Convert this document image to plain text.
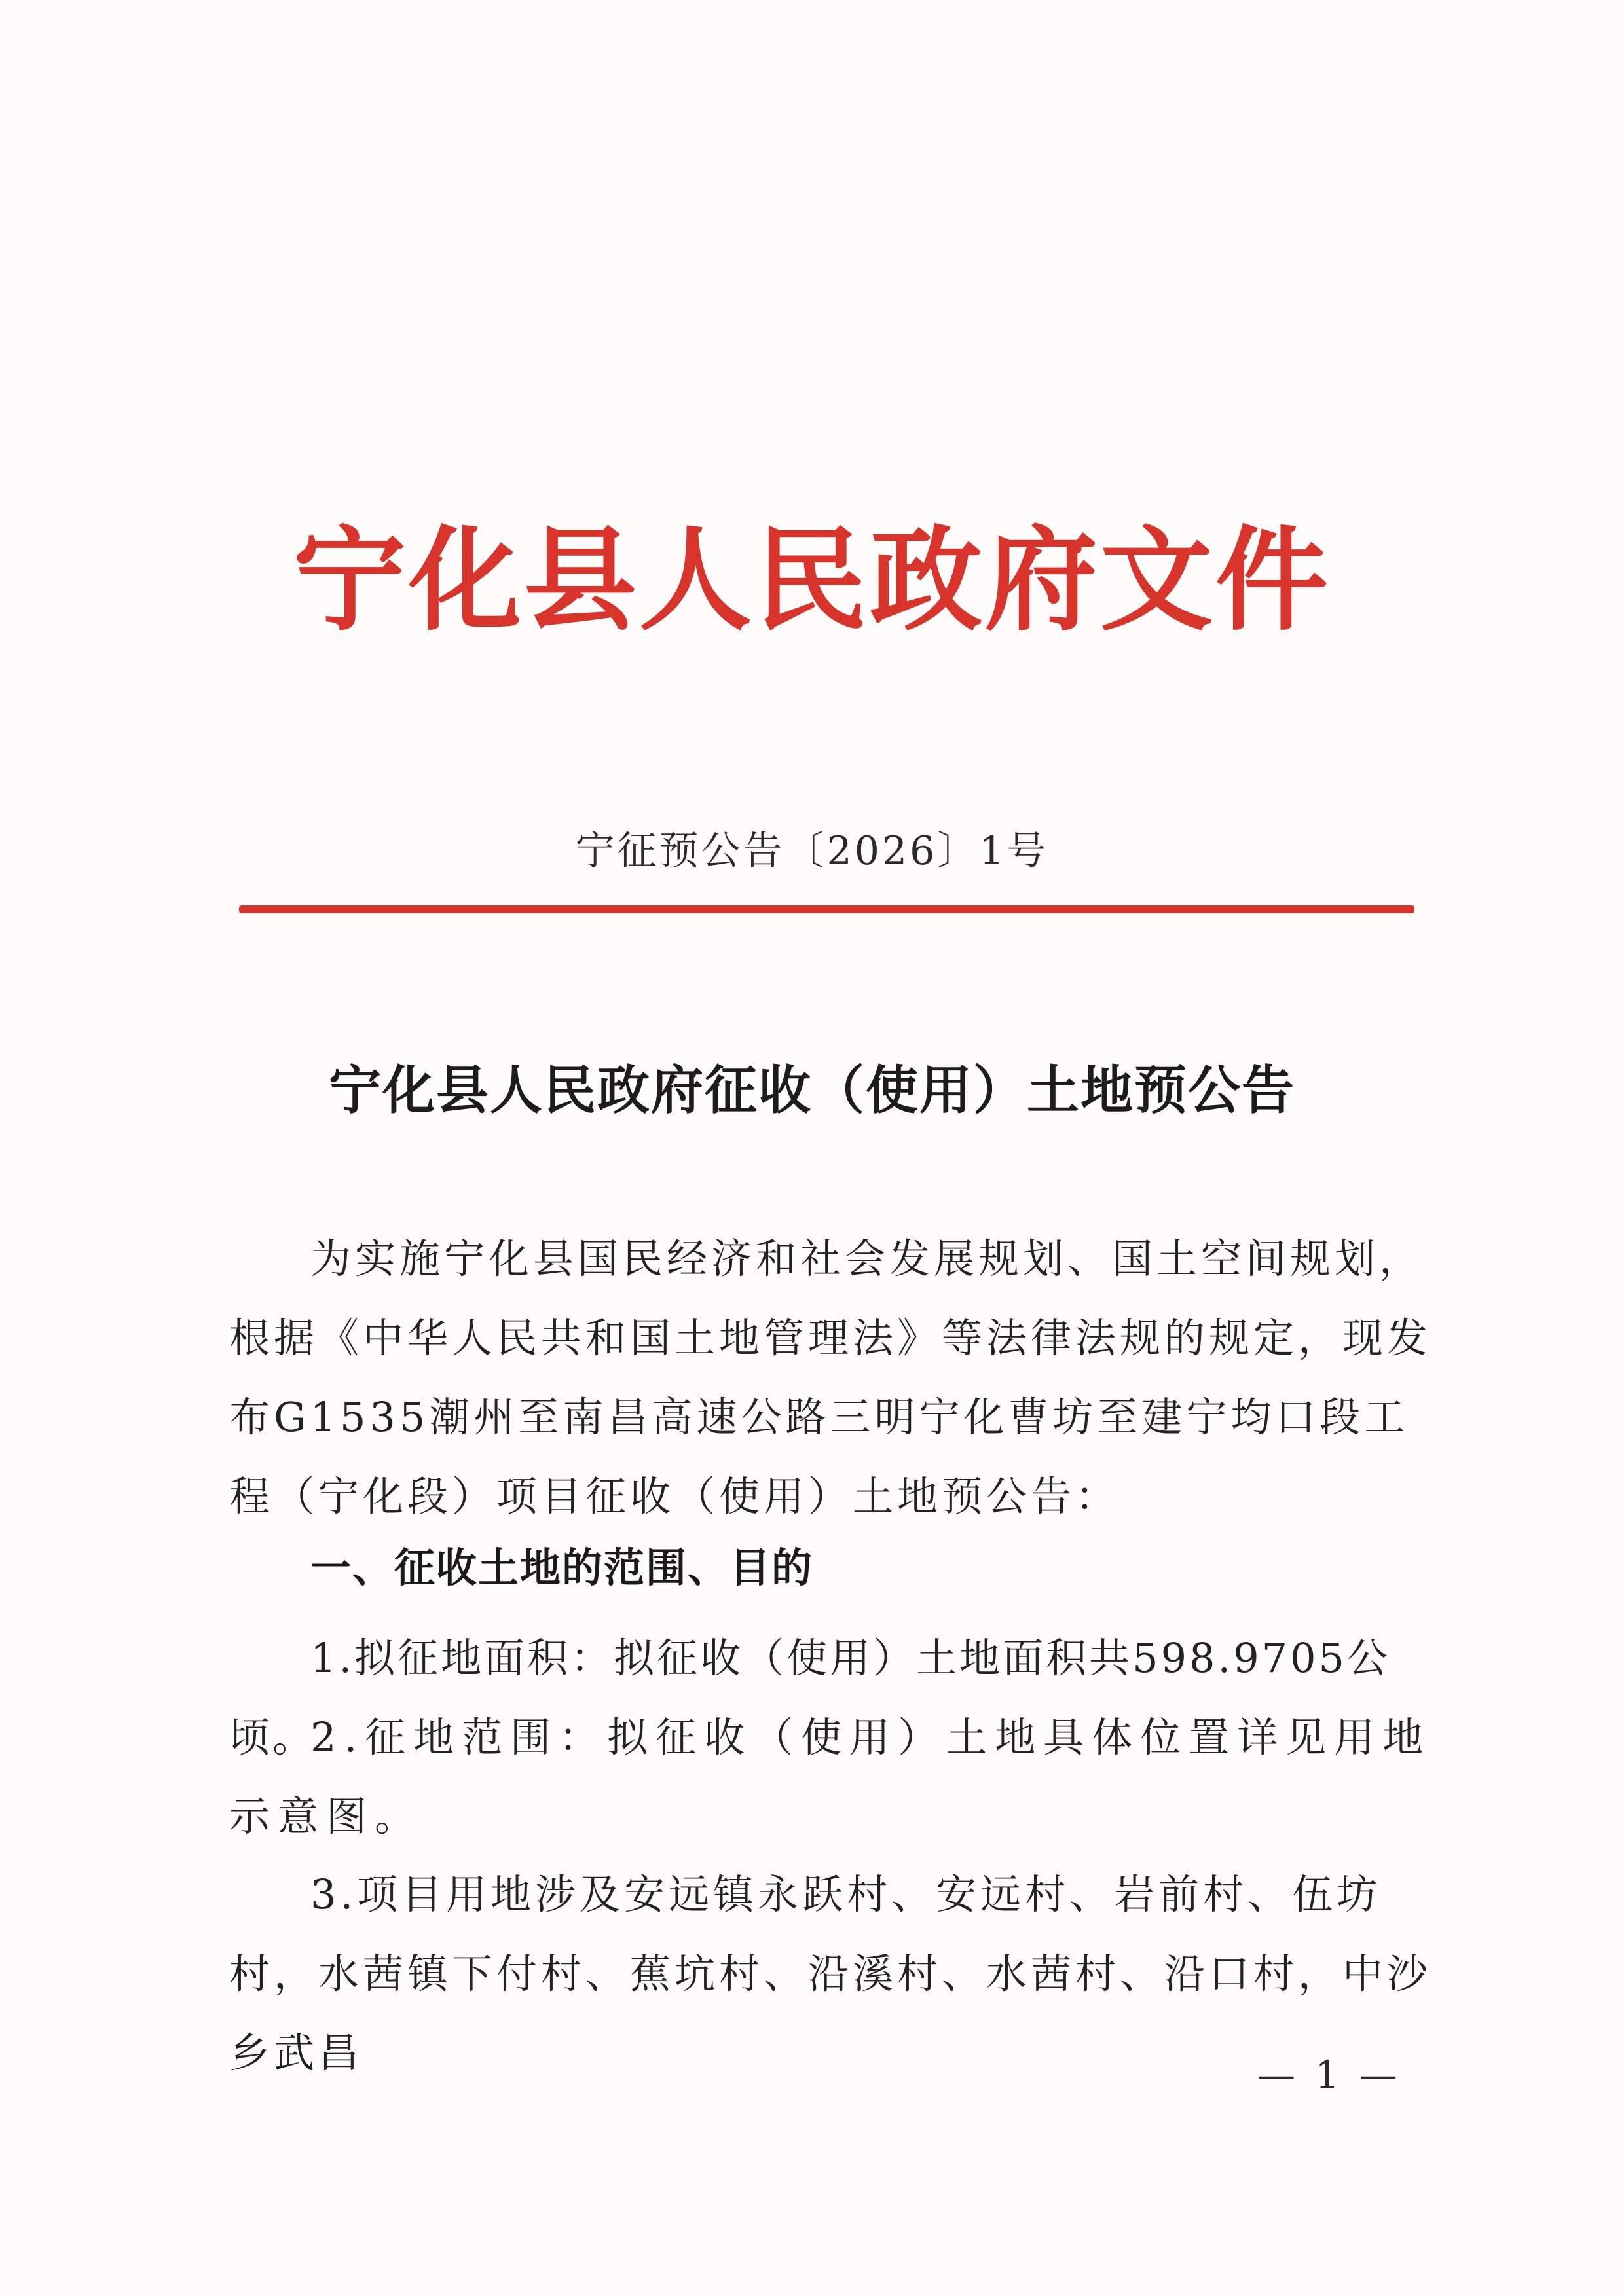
宁化县人民政府文件
宁征预公告〔2026〕1号
宁化县人民政府征收（使用）土地预公告

为实施宁化县国民经济和社会发展规划、国土空间规划，根据《中华人民共和国土地管理法》等法律法规的规定，现发布G1535潮州至南昌高速公路三明宁化曹坊至建宁均口段工程（宁化段）项目征收（使用）土地预公告：

一、征收土地的范围、目的

1.拟征地面积：拟征收（使用）土地面积共598.9705公顷。

2.征地范围：拟征收（使用）土地具体位置详见用地示意图。

3.项目用地涉及安远镇永跃村、安远村、岩前村、伍坊村，水茜镇下付村、蕉坑村、沿溪村、水茜村、沿口村，中沙乡武昌	— 1 —
